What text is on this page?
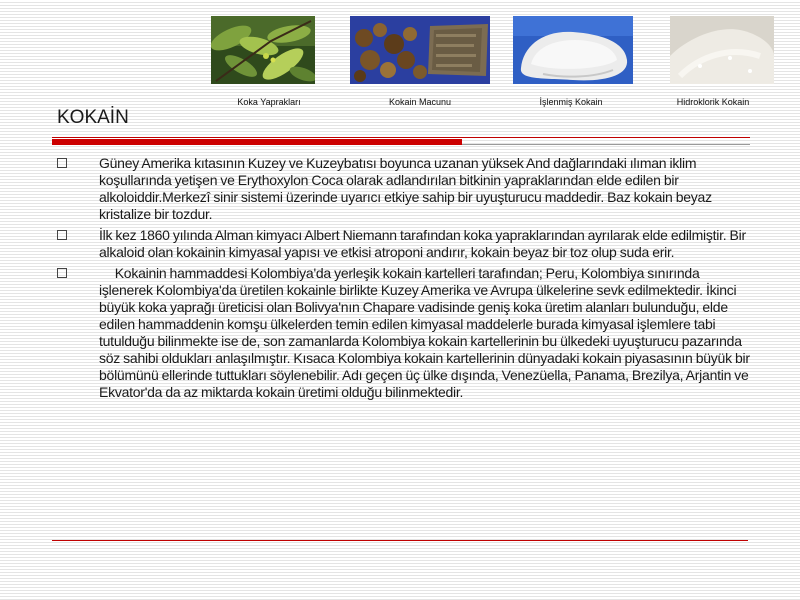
Koka Yaprakları	Kokain Macunu	İşlenmiş Kokain	Hidroklorik Kokain
KOKAİN
Güney Amerika kıtasının Kuzey ve Kuzeybatısı boyunca uzanan yüksek And dağlarındaki ılıman iklim koşullarında yetişen ve Erythoxylon Coca olarak adlandırılan bitkinin yapraklarından elde edilen bir alkoloiddir.Merkezî sinir sistemi üzerinde uyarıcı etkiye sahip bir uyuşturucu maddedir. Baz kokain beyaz kristalize bir tozdur.
İlk kez 1860 yılında Alman kimyacı Albert Niemann tarafından koka yapraklarından ayrılarak elde edilmiştir. Bir alkaloid olan kokainin kimyasal yapısı ve etkisi atroponi andırır, kokain beyaz bir toz olup suda erir.
Kokainin hammaddesi Kolombiya'da yerleşik kokain kartelleri tarafından; Peru, Kolombiya sınırında işlenerek Kolombiya'da üretilen kokainle birlikte Kuzey Amerika ve Avrupa ülkelerine sevk edilmektedir. İkinci büyük koka yaprağı üreticisi olan Bolivya'nın Chapare vadisinde geniş koka üretim alanları bulunduğu, elde edilen hammaddenin komşu ülkelerden temin edilen kimyasal maddelerle burada kimyasal işlemlere tabi tutulduğu bilinmekte ise de, son zamanlarda Kolombiya kokain kartellerinin bu ülkedeki uyuşturucu pazarında söz sahibi oldukları anlaşılmıştır. Kısaca Kolombiya kokain kartellerinin dünyadaki kokain piyasasının büyük bir bölümünü ellerinde tuttukları söylenebilir. Adı geçen üç ülke dışında, Venezüella, Panama, Brezilya, Arjantin ve Ekvator'da da az miktarda kokain üretimi olduğu bilinmektedir.
